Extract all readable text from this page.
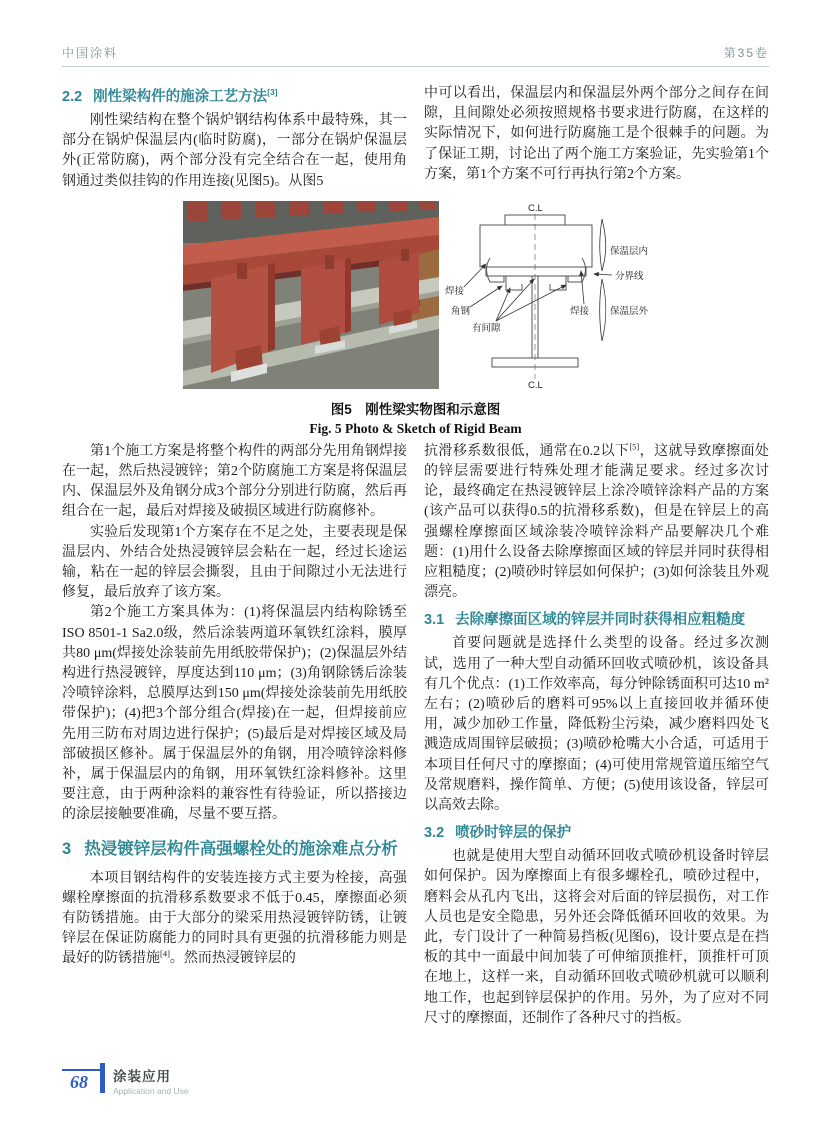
中国涂料	第35卷
2.2 刚性梁构件的施涂工艺方法[3]

刚性梁结构在整个锅炉钢结构体系中最特殊，其一部分在锅炉保温层内(临时防腐)，一部分在锅炉保温层外(正常防腐)，两个部分没有完全结合在一起，使用角钢通过类似挂钩的作用连接(见图5)。从图5

中可以看出，保温层内和保温层外两个部分之间存在间隙，且间隙处必须按照规格书要求进行防腐，在这样的实际情况下，如何进行防腐施工是个很棘手的问题。为了保证工期，讨论出了两个施工方案验证，先实验第1个方案，第1个方案不可行再执行第2个方案。

C.L
C.L
焊接
角钢
有间隙
焊接
保温层内
分界线
保温层外
图5　刚性梁实物图和示意图
Fig. 5 Photo & Sketch of Rigid Beam

第1个施工方案是将整个构件的两部分先用角钢焊接在一起，然后热浸镀锌；第2个防腐施工方案是将保温层内、保温层外及角钢分成3个部分分别进行防腐，然后再组合在一起，最后对焊接及破损区域进行防腐修补。

实验后发现第1个方案存在不足之处，主要表现是保温层内、外结合处热浸镀锌层会粘在一起，经过长途运输，粘在一起的锌层会撕裂，且由于间隙过小无法进行修复，最后放弃了该方案。

第2个施工方案具体为：(1)将保温层内结构除锈至ISO 8501-1 Sa2.0级，然后涂装两道环氧铁红涂料，膜厚共80 μm(焊接处涂装前先用纸胶带保护)；(2)保温层外结构进行热浸镀锌，厚度达到110 μm；(3)角钢除锈后涂装冷喷锌涂料，总膜厚达到150 μm(焊接处涂装前先用纸胶带保护)；(4)把3个部分组合(焊接)在一起，但焊接前应先用三防布对周边进行保护；(5)最后是对焊接区域及局部破损区修补。属于保温层外的角钢，用冷喷锌涂料修补，属于保温层内的角钢，用环氧铁红涂料修补。这里要注意，由于两种涂料的兼容性有待验证，所以搭接边的涂层接触要准确，尽量不要互搭。

3 热浸镀锌层构件高强螺栓处的施涂难点分析

本项目钢结构件的安装连接方式主要为栓接，高强螺栓摩擦面的抗滑移系数要求不低于0.45，摩擦面必须有防锈措施。由于大部分的梁采用热浸镀锌防锈，让镀锌层在保证防腐能力的同时具有更强的抗滑移能力则是最好的防锈措施[4]。然而热浸镀锌层的

抗滑移系数很低，通常在0.2以下[5]，这就导致摩擦面处的锌层需要进行特殊处理才能满足要求。经过多次讨论，最终确定在热浸镀锌层上涂冷喷锌涂料产品的方案(该产品可以获得0.5的抗滑移系数)，但是在锌层上的高强螺栓摩擦面区域涂装冷喷锌涂料产品要解决几个难题：(1)用什么设备去除摩擦面区域的锌层并同时获得相应粗糙度；(2)喷砂时锌层如何保护；(3)如何涂装且外观漂亮。

3.1 去除摩擦面区域的锌层并同时获得相应粗糙度

首要问题就是选择什么类型的设备。经过多次测试，选用了一种大型自动循环回收式喷砂机，该设备具有几个优点：(1)工作效率高，每分钟除锈面积可达10 m²左右；(2)喷砂后的磨料可95%以上直接回收并循环使用，减少加砂工作量，降低粉尘污染，减少磨料四处飞溅造成周围锌层破损；(3)喷砂枪嘴大小合适，可适用于本项目任何尺寸的摩擦面；(4)可使用常规管道压缩空气及常规磨料，操作简单、方便；(5)使用该设备，锌层可以高效去除。

3.2 喷砂时锌层的保护

也就是使用大型自动循环回收式喷砂机设备时锌层如何保护。因为摩擦面上有很多螺栓孔，喷砂过程中，磨料会从孔内飞出，这将会对后面的锌层损伤，对工作人员也是安全隐患，另外还会降低循环回收的效果。为此，专门设计了一种简易挡板(见图6)，设计要点是在挡板的其中一面最中间加装了可伸缩顶推杆，顶推杆可顶在地上，这样一来，自动循环回收式喷砂机就可以顺利地工作，也起到锌层保护的作用。另外，为了应对不同尺寸的摩擦面，还制作了各种尺寸的挡板。

68	涂装应用
Application and Use
